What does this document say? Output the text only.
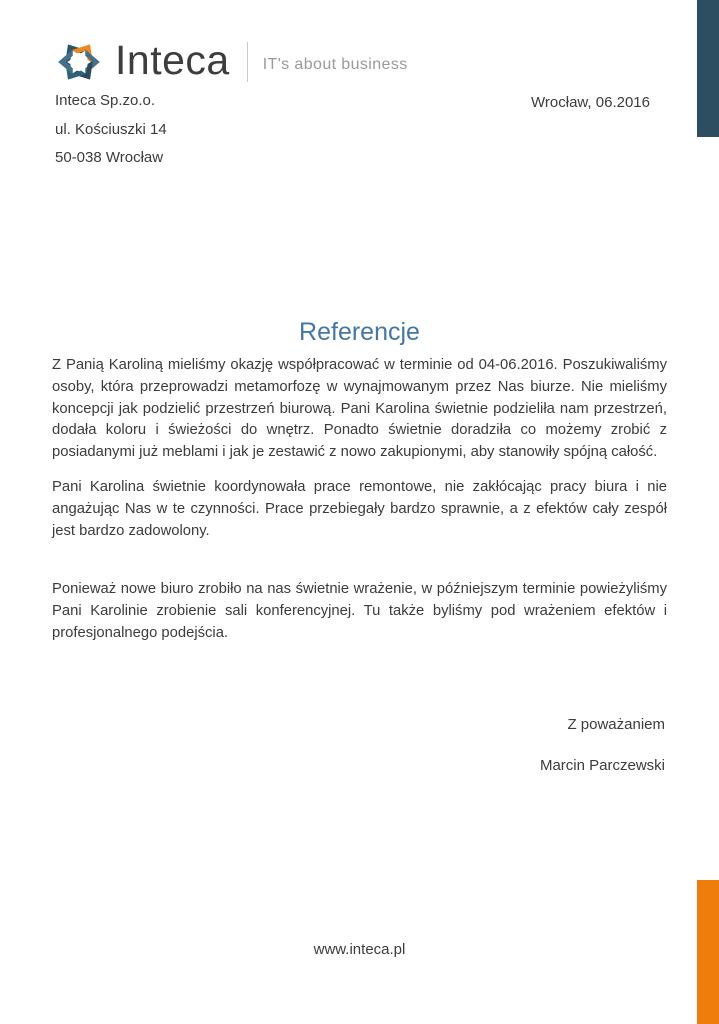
Inteca IT's about business
Inteca Sp.zo.o.
ul. Kościuszki 14
50-038 Wrocław
Wrocław, 06.2016
Referencje

Z Panią Karoliną mieliśmy okazję współpracować w terminie od 04-06.2016. Poszukiwaliśmy osoby, która przeprowadzi metamorfozę w wynajmowanym przez Nas biurze. Nie mieliśmy koncepcji jak podzielić przestrzeń biurową. Pani Karolina świetnie podzieliła nam przestrzeń, dodała koloru i świeżości do wnętrz. Ponadto świetnie doradziła co możemy zrobić z posiadanymi już meblami i jak je zestawić z nowo zakupionymi, aby stanowiły spójną całość.

Pani Karolina świetnie koordynowała prace remontowe, nie zakłócając pracy biura i nie angażując Nas w te czynności. Prace przebiegały bardzo sprawnie, a z efektów cały zespół jest bardzo zadowolony.

Ponieważ nowe biuro zrobiło na nas świetnie wrażenie, w późniejszym terminie powieżyliśmy Pani Karolinie zrobienie sali konferencyjnej. Tu także byliśmy pod wrażeniem efektów i profesjonalnego podejścia.

Z poważaniem
Marcin Parczewski
www.inteca.pl
